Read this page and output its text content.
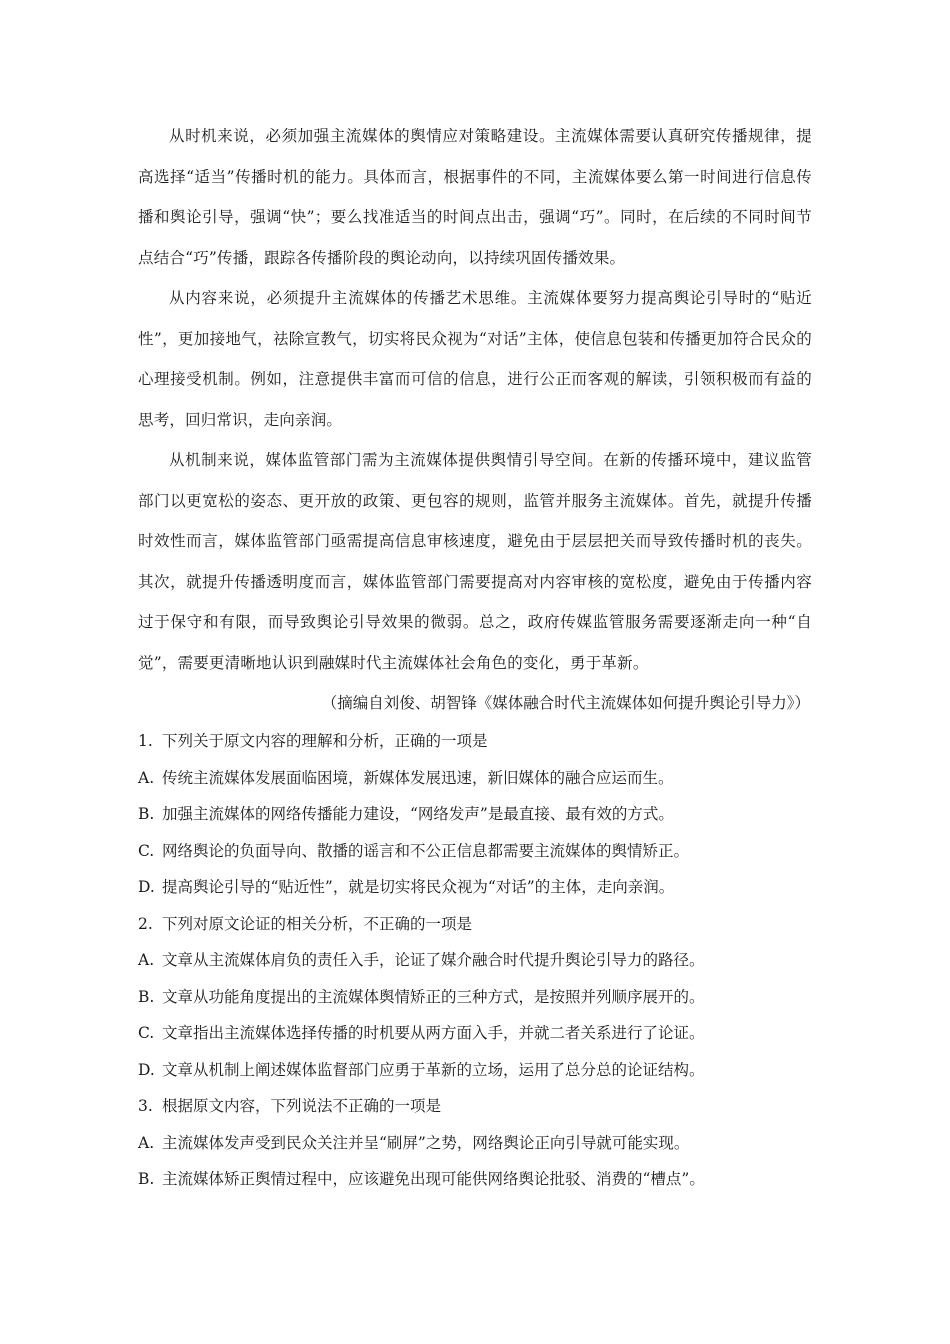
从时机来说，必须加强主流媒体的舆情应对策略建设。主流媒体需要认真研究传播规律，提高选择“适当”传播时机的能力。具体而言，根据事件的不同，主流媒体要么第一时间进行信息传播和舆论引导，强调“快”；要么找准适当的时间点出击，强调“巧”。同时，在后续的不同时间节点结合“巧”传播，跟踪各传播阶段的舆论动向，以持续巩固传播效果。

从内容来说，必须提升主流媒体的传播艺术思维。主流媒体要努力提高舆论引导时的“贴近性”，更加接地气，祛除宣教气，切实将民众视为“对话”主体，使信息包装和传播更加符合民众的心理接受机制。例如，注意提供丰富而可信的信息，进行公正而客观的解读，引领积极而有益的思考，回归常识，走向亲润。

从机制来说，媒体监管部门需为主流媒体提供舆情引导空间。在新的传播环境中，建议监管部门以更宽松的姿态、更开放的政策、更包容的规则，监管并服务主流媒体。首先，就提升传播时效性而言，媒体监管部门亟需提高信息审核速度，避免由于层层把关而导致传播时机的丧失。其次，就提升传播透明度而言，媒体监管部门需要提高对内容审核的宽松度，避免由于传播内容过于保守和有限，而导致舆论引导效果的微弱。总之，政府传媒监管服务需要逐渐走向一种“自觉”，需要更清晰地认识到融媒时代主流媒体社会角色的变化，勇于革新。

（摘编自刘俊、胡智锋《媒体融合时代主流媒体如何提升舆论引导力》）

1. 下列关于原文内容的理解和分析，正确的一项是

A. 传统主流媒体发展面临困境，新媒体发展迅速，新旧媒体的融合应运而生。

B. 加强主流媒体的网络传播能力建设，“网络发声”是最直接、最有效的方式。

C. 网络舆论的负面导向、散播的谣言和不公正信息都需要主流媒体的舆情矫正。

D. 提高舆论引导的“贴近性”，就是切实将民众视为“对话”的主体，走向亲润。

2. 下列对原文论证的相关分析，不正确的一项是

A. 文章从主流媒体肩负的责任入手，论证了媒介融合时代提升舆论引导力的路径。

B. 文章从功能角度提出的主流媒体舆情矫正的三种方式，是按照并列顺序展开的。

C. 文章指出主流媒体选择传播的时机要从两方面入手，并就二者关系进行了论证。

D. 文章从机制上阐述媒体监督部门应勇于革新的立场，运用了总分总的论证结构。

3. 根据原文内容，下列说法不正确的一项是

A. 主流媒体发声受到民众关注并呈“刷屏”之势，网络舆论正向引导就可能实现。

B. 主流媒体矫正舆情过程中，应该避免出现可能供网络舆论批驳、消费的“槽点”。
